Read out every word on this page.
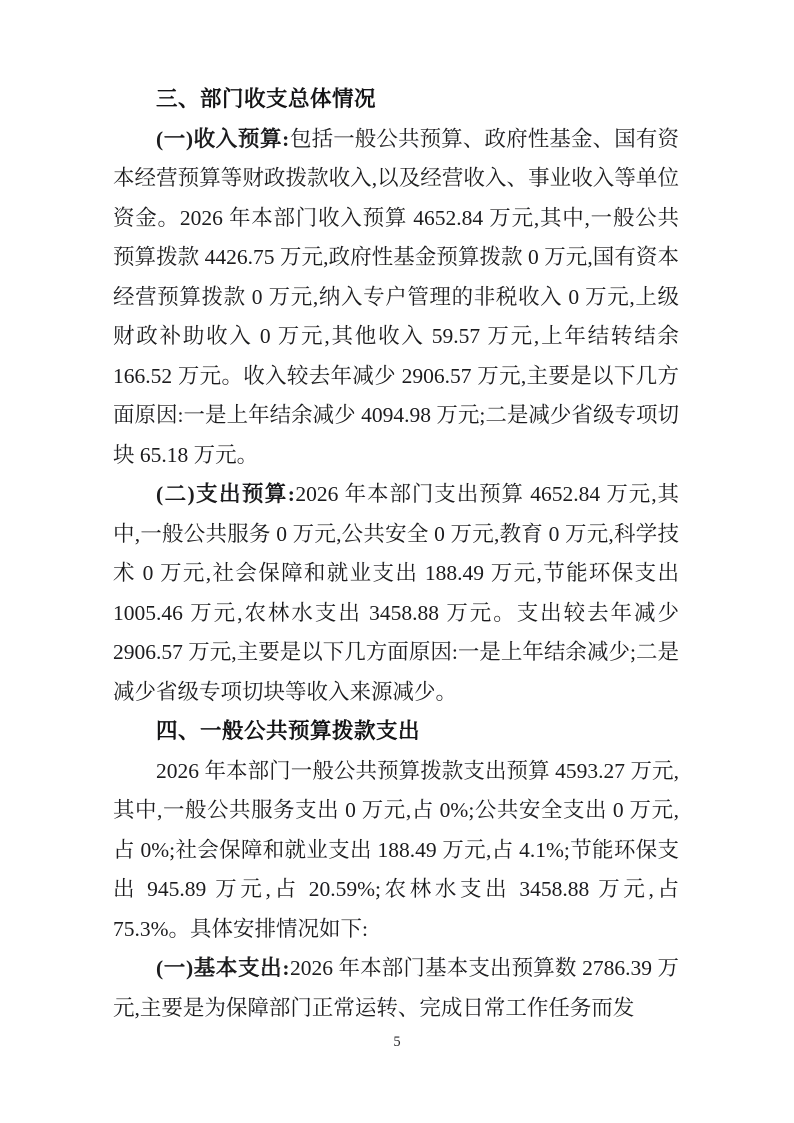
三、部门收支总体情况

(一)收入预算:包括一般公共预算、政府性基金、国有资本经营预算等财政拨款收入,以及经营收入、事业收入等单位资金。2026 年本部门收入预算 4652.84 万元,其中,一般公共预算拨款 4426.75 万元,政府性基金预算拨款 0 万元,国有资本经营预算拨款 0 万元,纳入专户管理的非税收入 0 万元,上级财政补助收入 0 万元,其他收入 59.57 万元,上年结转结余 166.52 万元。收入较去年减少 2906.57 万元,主要是以下几方面原因:一是上年结余减少 4094.98 万元;二是减少省级专项切块 65.18 万元。

(二)支出预算:2026 年本部门支出预算 4652.84 万元,其中,一般公共服务 0 万元,公共安全 0 万元,教育 0 万元,科学技术 0 万元,社会保障和就业支出 188.49 万元,节能环保支出 1005.46 万元,农林水支出 3458.88 万元。支出较去年减少 2906.57 万元,主要是以下几方面原因:一是上年结余减少;二是减少省级专项切块等收入来源减少。

四、一般公共预算拨款支出

2026 年本部门一般公共预算拨款支出预算 4593.27 万元,其中,一般公共服务支出 0 万元,占 0%;公共安全支出 0 万元,占 0%;社会保障和就业支出 188.49 万元,占 4.1%;节能环保支出 945.89 万元,占 20.59%;农林水支出 3458.88 万元,占 75.3%。具体安排情况如下:

(一)基本支出:2026 年本部门基本支出预算数 2786.39 万元,主要是为保障部门正常运转、完成日常工作任务而发

5
